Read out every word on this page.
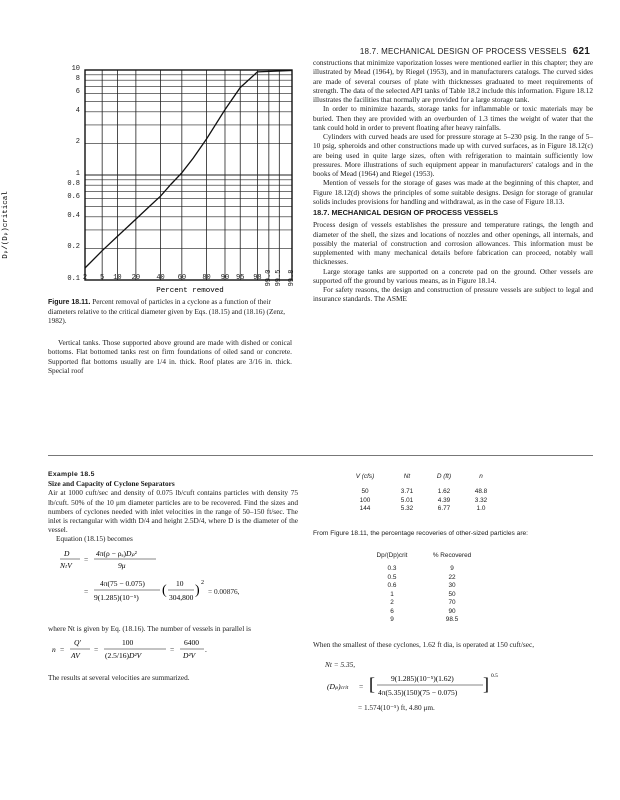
18.7. MECHANICAL DESIGN OF PROCESS VESSELS 621
Dₚ/(Dₚ)critical
Percent removed
10
8
6
4
2
1
0.8
0.6
0.4
0.2
0.1 2	5	10	20	40	60	80	90 95	98 99.0 99.5 99.8
Figure 18.11. Percent removal of particles in a cyclone as a function of their diameters relative to the critical diameter given by Eqs. (18.15) and (18.16) (Zenz, 1982).

Vertical tanks. Those supported above ground are made with dished or conical bottoms. Flat bottomed tanks rest on firm foundations of oiled sand or concrete. Supported flat bottoms usually are 1/4 in. thick. Roof plates are 3/16 in. thick. Special roof

constructions that minimize vaporization losses were mentioned earlier in this chapter; they are illustrated by Mead (1964), by Riegel (1953), and in manufacturers catalogs. The curved sides are made of several courses of plate with thicknesses graduated to meet requirements of strength. The data of the selected API tanks of Table 18.2 include this information. Figure 18.12 illustrates the facilities that normally are provided for a large storage tank.

In order to minimize hazards, storage tanks for inflammable or toxic materials may be buried. Then they are provided with an overburden of 1.3 times the weight of water that the tank could hold in order to prevent floating after heavy rainfalls.

Cylinders with curved heads are used for pressure storage at 5–230 psig. In the range of 5–10 psig, spheroids and other constructions made up with curved surfaces, as in Figure 18.12(c) are being used in quite large sizes, often with refrigeration to maintain sufficiently low pressures. More illustrations of such equipment appear in manufacturers' catalogs and in the books of Mead (1964) and Riegel (1953).

Mention of vessels for the storage of gases was made at the beginning of this chapter, and Figure 18.12(d) shows the principles of some suitable designs. Design for storage of granular solids includes provisions for handling and withdrawal, as in the case of Figure 18.13.

18.7. MECHANICAL DESIGN OF PROCESS VESSELS

Process design of vessels establishes the pressure and temperature ratings, the length and diameter of the shell, the sizes and locations of nozzles and other openings, all internals, and possibly the material of construction and corrosion allowances. This information must be supplemented with many mechanical details before fabrication can proceed, notably wall thicknesses.

Large storage tanks are supported on a concrete pad on the ground. Other vessels are supported off the ground by various means, as in Figure 18.14.

For safety reasons, the design and construction of pressure vessels are subject to legal and insurance standards. The ASME

Example 18.5
Size and Capacity of Cyclone Separators
Air at 1000 cuft/sec and density of 0.075 lb/cuft contains particles with density 75 lb/cuft. 50% of the 10 μm diameter particles are to be recovered. Find the sizes and numbers of cyclones needed with inlet velocities in the range of 50–150 ft/sec. The inlet is rectangular with width D/4 and height 2.5D/4, where D is the diameter of the vessel.
Equation (18.15) becomes
D
NₜV
=
4π(ρ − ρₐ)Dₚ²
9μ
=
4π(75 − 0.075)
9(1.285)(10⁻⁵) ( 10
304,800 ) 2
= 0.00876,
where Nt is given by Eq. (18.16). The number of vessels in parallel is
n =
Q'
AV
=
100
(2.5/16)D²V
=
6400
D²V
.
The results at several velocities are summarized.
V (cfs)	Nt	D (ft)	n

50	3.71	1.62	48.8
100	5.01	4.39	3.32
144	5.32	6.77	1.0
From Figure 18.11, the percentage recoveries of other-sized particles are:
Dp/(Dp)crit	% Recovered

0.3	9
0.5	22
0.6	30
1	50
2	70
6	90
9	98.5
When the smallest of these cyclones, 1.62 ft dia, is operated at 150 cuft/sec,
Nt = 5.35,
(Dₚ)crit = [ 9(1.285)(10⁻⁵)(1.62)
4π(5.35)(150)(75 − 0.075) ] 0.5
= 1.574(10⁻⁵) ft, 4.80 μm.
